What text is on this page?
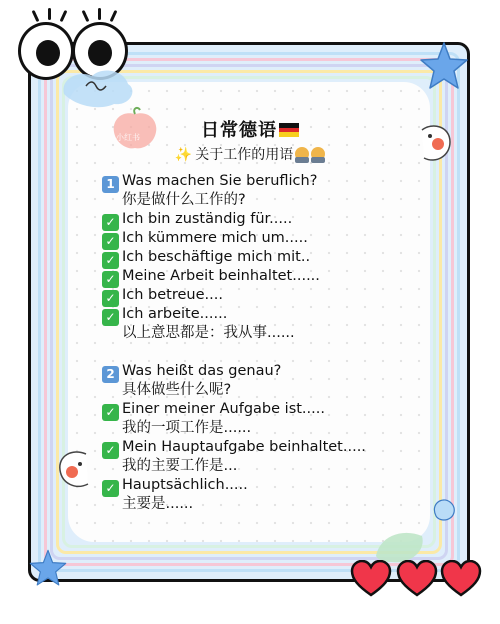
小红书	日常德语
✨ 关于工作的用语
1 Was machen Sie beruflich?
你是做什么工作的?
✓ Ich bin zuständig für.....
✓ Ich kümmere mich um.....
✓ Ich beschäftige mich mit..
✓ Meine Arbeit beinhaltet......
✓ Ich betreue....
✓ Ich arbeite......
以上意思都是：我从事......
2 Was heißt das genau?
具体做些什么呢?
✓ Einer meiner Aufgabe ist.....
我的一项工作是......
✓ Mein Hauptaufgabe beinhaltet.....
我的主要工作是...
✓ Hauptsächlich.....
主要是......
